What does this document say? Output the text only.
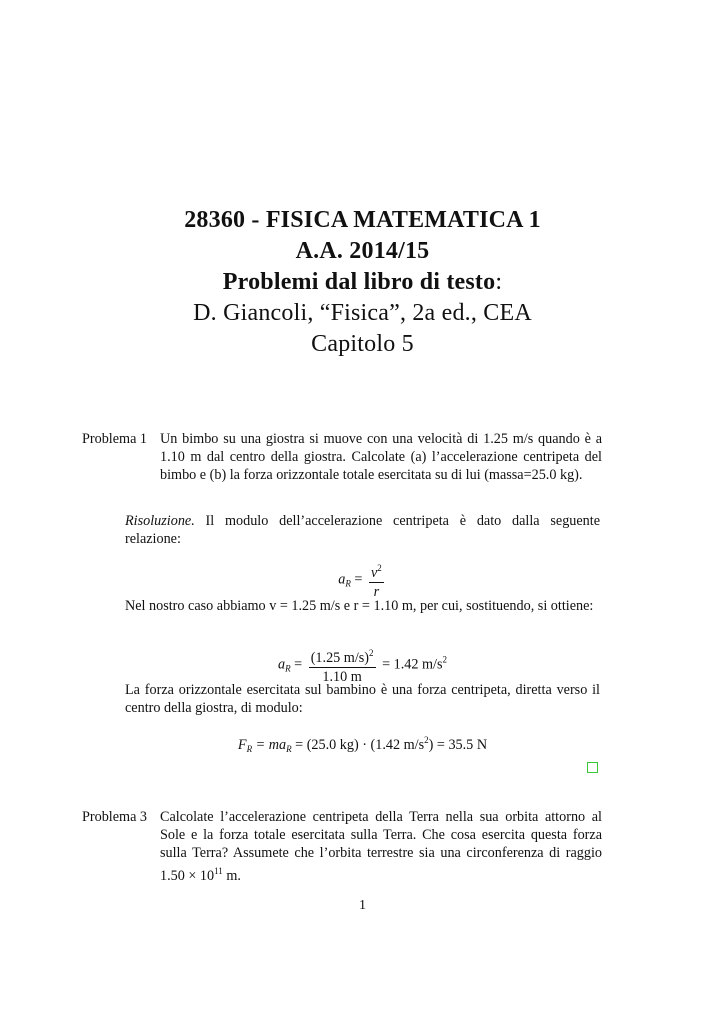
28360 - FISICA MATEMATICA 1
A.A. 2014/15
Problemi dal libro di testo:
D. Giancoli, “Fisica”, 2a ed., CEA
Capitolo 5
Problema 1 Un bimbo su una giostra si muove con una velocità di 1.25 m/s quando è a 1.10 m dal centro della giostra. Calcolate (a) l’accelerazione centripeta del bimbo e (b) la forza orizzontale totale esercitata su di lui (massa=25.0 kg).

Risoluzione. Il modulo dell’accelerazione centripeta è dato dalla seguente relazione:

$a_R = \frac{v^2}{r}$

Nel nostro caso abbiamo v = 1.25 m/s e r = 1.10 m, per cui, sostituendo, si ottiene:

$a_R = \frac{(1.25 m/s)^2}{1.10 m} = 1.42$ $m/s^2$

La forza orizzontale esercitata sul bambino è una forza centripeta, diretta verso il centro della giostra, di modulo:

$F_R = ma_R = (25.0$ kg) · (1.42 $m/s^2) = 35.5$ N
Problema 3 Calcolate l’accelerazione centripeta della Terra nella sua orbita attorno al Sole e la forza totale esercitata sulla Terra. Che cosa esercita questa forza sulla Terra? Assumete che l’orbita terrestre sia una circonferenza di raggio $1.50 \times 10^{11}$ m.
1
